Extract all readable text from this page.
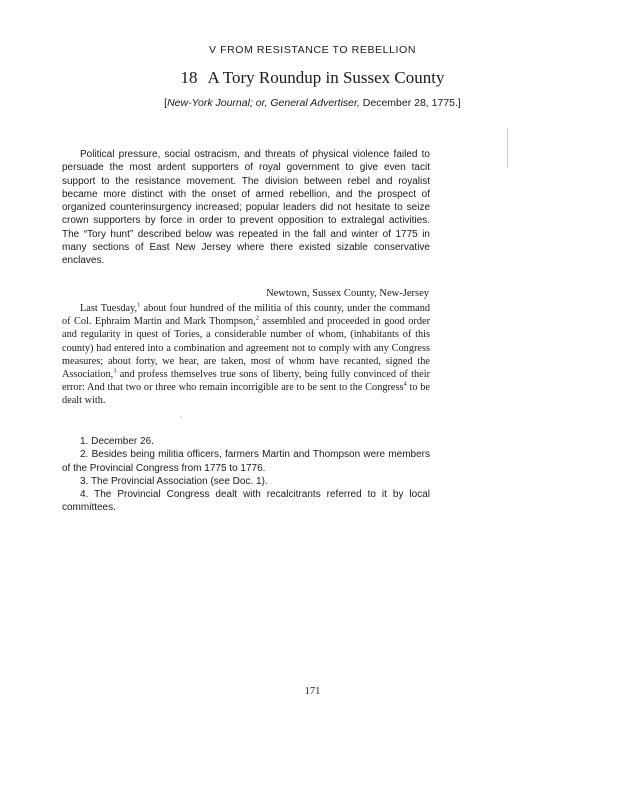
V FROM RESISTANCE TO REBELLION
18 A Tory Roundup in Sussex County
[New-York Journal; or, General Advertiser, December 28, 1775.]

Political pressure, social ostracism, and threats of physical violence failed to persuade the most ardent supporters of royal government to give even tacit support to the resistance movement. The division between rebel and royalist became more distinct with the onset of armed rebellion, and the prospect of organized counterinsurgency increased; popular leaders did not hesitate to seize crown supporters by force in order to prevent opposition to extralegal activities. The “Tory hunt” described below was repeated in the fall and winter of 1775 in many sections of East New Jersey where there existed sizable conservative enclaves.

Newtown, Sussex County, New-Jersey

Last Tuesday,$^1$ about four hundred of the militia of this county, under the command of Col. Ephraim Martin and Mark Thompson,$^2$ assembled and proceeded in good order and regularity in quest of Tories, a considerable number of whom, (inhabitants of this county) had entered into a combination and agreement not to comply with any Congress measures; about forty, we hear, are taken, most of whom have recanted, signed the Association,$^3$ and profess themselves true sons of liberty, being fully convinced of their error: And that two or three who remain incorrigible are to be sent to the Congress$^4$ to be dealt with.

1. December 26.

2. Besides being militia officers, farmers Martin and Thompson were members of the Provincial Congress from 1775 to 1776.

3. The Provincial Association (see Doc. 1).

4. The Provincial Congress dealt with recalcitrants referred to it by local committees.

171
